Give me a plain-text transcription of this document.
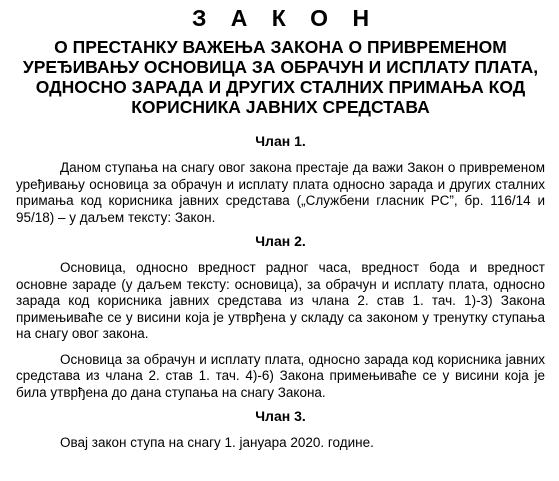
З А К О Н
О ПРЕСТАНКУ ВАЖЕЊА ЗАКОНА О ПРИВРЕМЕНОМ УРЕЂИВАЊУ ОСНОВИЦА ЗА ОБРАЧУН И ИСПЛАТУ ПЛАТА, ОДНОСНО ЗАРАДА И ДРУГИХ СТАЛНИХ ПРИМАЊА КОД КОРИСНИКА ЈАВНИХ СРЕДСТАВА

Члан 1.

Даном ступања на снагу овог закона престаје да важи Закон о привременом уређивању основица за обрачун и исплату плата односно зарада и других сталних примања код корисника јавних средстава („Службени гласник РС”, бр. 116/14 и 95/18) – у даљем тексту: Закон.

Члан 2.

Основица, односно вредност радног часа, вредност бода и вредност основне зараде (у даљем тексту: основица), за обрачун и исплату плата, односно зарада код корисника јавних средстава из члана 2. став 1. тач. 1)-3) Закона примењиваће се у висини која је утврђена у складу са законом у тренутку ступања на снагу овог закона.

Основица за обрачун и исплату плата, односно зарада код корисника јавних средстава из члана 2. став 1. тач. 4)-6) Закона примењиваће се у висини која је била утврђена до дана ступања на снагу Закона.

Члан 3.

Овај закон ступа на снагу 1. јануара 2020. године.
